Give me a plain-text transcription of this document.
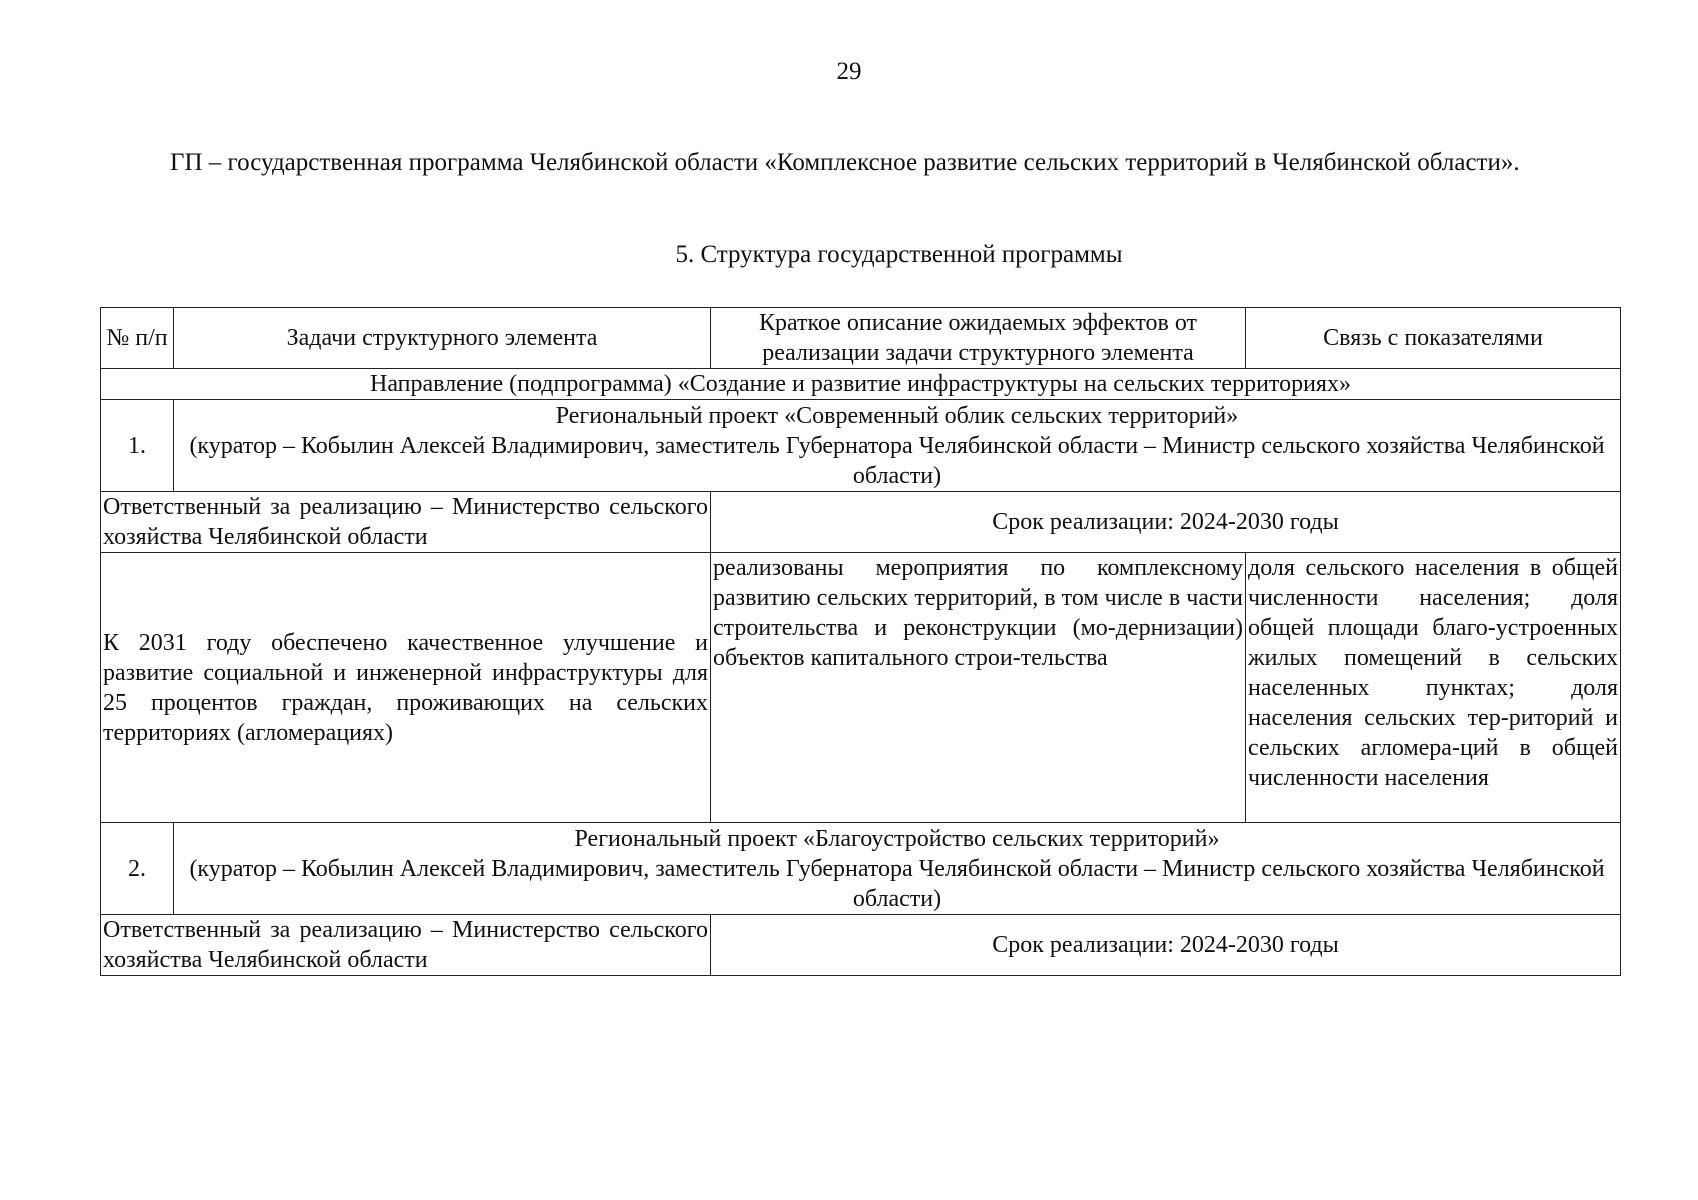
29
ГП – государственная программа Челябинской области «Комплексное развитие сельских территорий в Челябинской области».
5. Структура государственной программы
№ п/п	Задачи структурного элемента	Краткое описание ожидаемых эффектов от реализации задачи структурного элемента	Связь с показателями
Направление (подпрограмма) «Создание и развитие инфраструктуры на сельских территориях»			
1.	Региональный проект «Современный облик сельских территорий»
(куратор – Кобылин Алексей Владимирович, заместитель Губернатора Челябинской области – Министр сельского хозяйства Челябинской области)		

Ответственный за реализацию – Министерство сельского хозяйства Челябинской области		Срок реализации: 2024-2030 годы	
К 2031 году обеспечено качественное улучшение и развитие социальной и инженерной инфраструктуры для 25 процентов граждан, проживающих на сельских территориях (агломерациях)		реализованы мероприятия по комплексному развитию сельских территорий, в том числе в части строительства и реконструкции (мо-дернизации) объектов капитального строи-тельства	доля сельского населения в общей численности населения; доля общей площади благо-устроенных жилых помещений в сельских населенных пунктах; доля населения сельских тер-риторий и сельских агломера-ций в общей численности населения
2.	Региональный проект «Благоустройство сельских территорий»
(куратор – Кобылин Алексей Владимирович, заместитель Губернатора Челябинской области – Министр сельского хозяйства Челябинской области)		

Ответственный за реализацию – Министерство сельского хозяйства Челябинской области		Срок реализации: 2024-2030 годы	
